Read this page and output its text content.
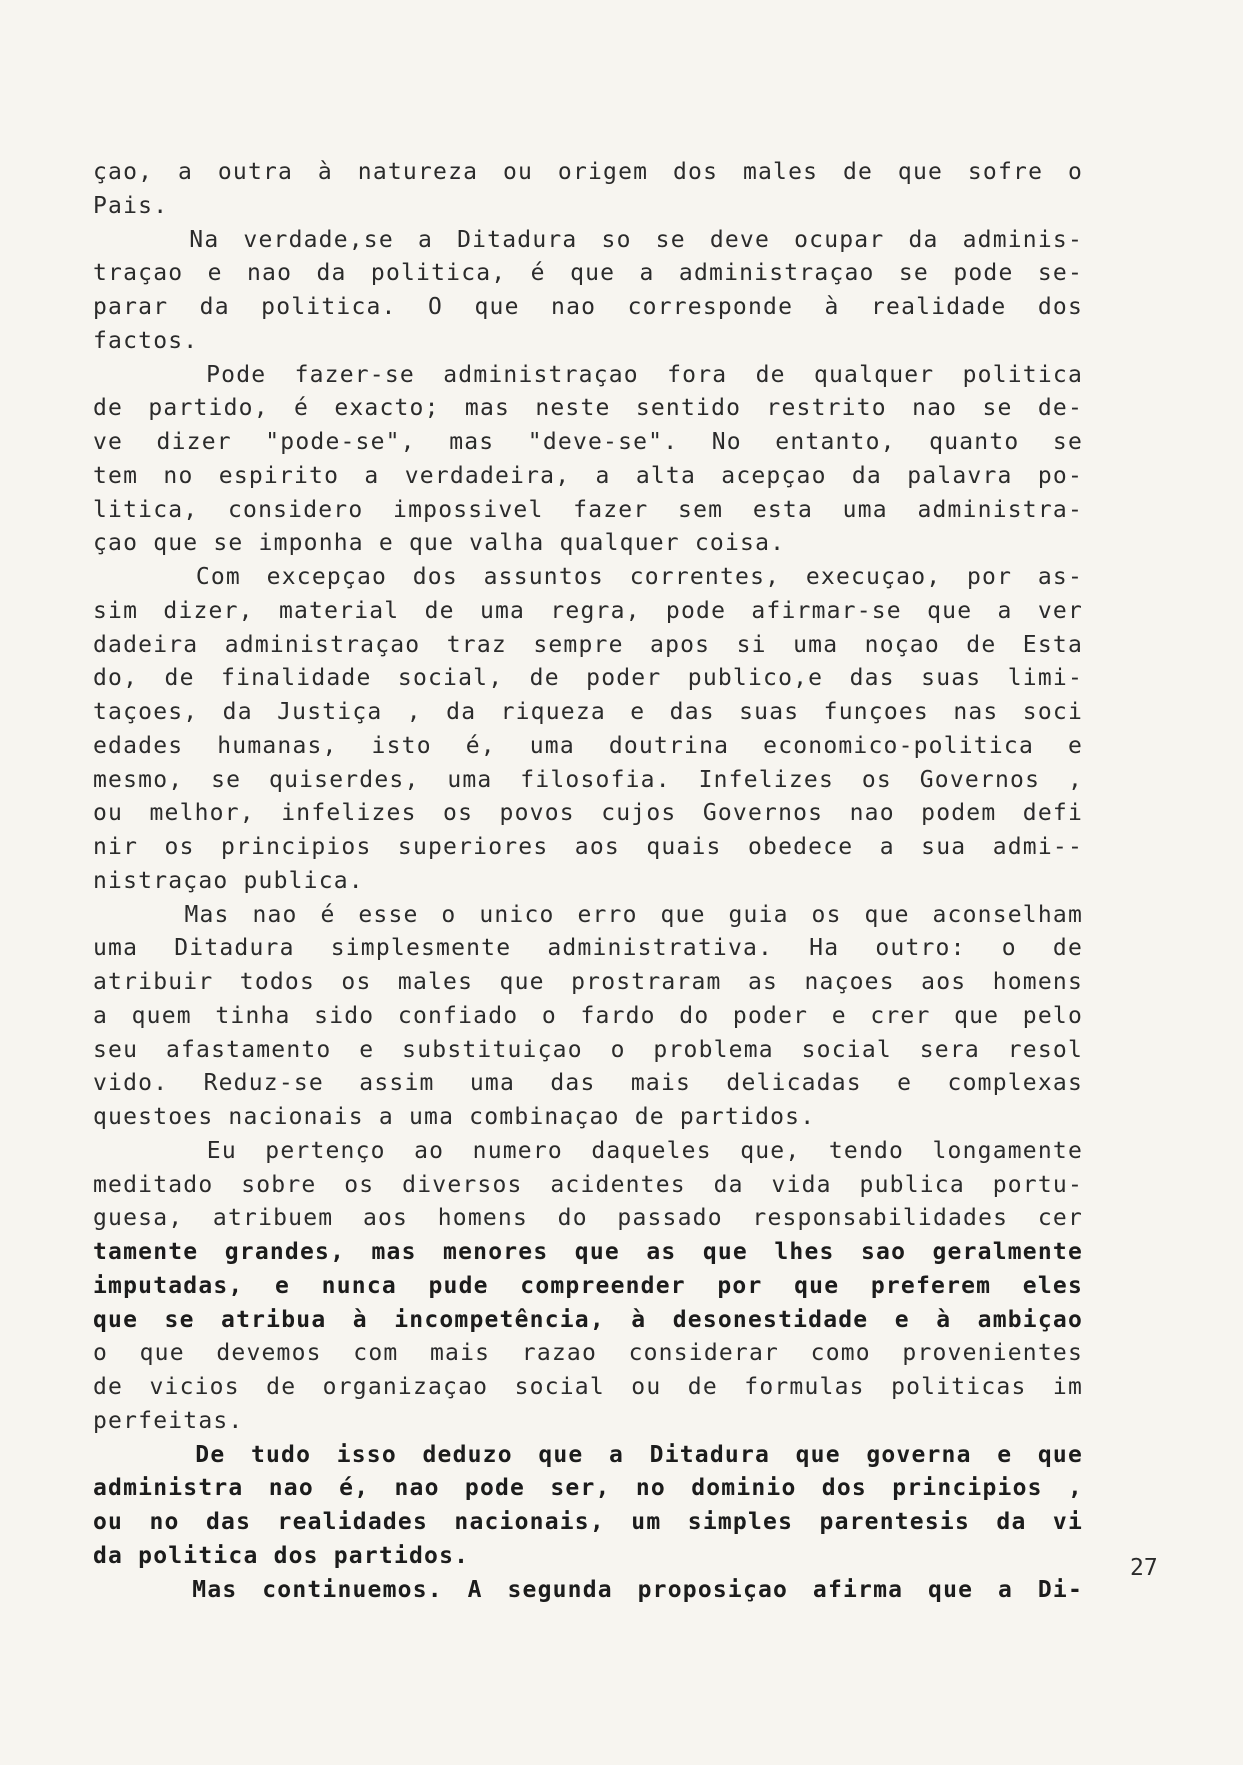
çao, a outra à natureza ou origem dos males de que sofre o
Pais.
Na verdade,se a Ditadura so se deve ocupar da adminis-
traçao e nao da politica, é que a administraçao se pode se-
parar da politica. O que nao corresponde à realidade dos
factos.
Pode fazer-se administraçao fora de qualquer politica
de partido, é exacto; mas neste sentido restrito nao se de-
ve dizer "pode-se", mas "deve-se". No entanto, quanto se
tem no espirito a verdadeira, a alta acepçao da palavra po-
litica, considero impossivel fazer sem esta uma administra-
çao que se imponha e que valha qualquer coisa.
Com excepçao dos assuntos correntes, execuçao, por as-
sim dizer, material de uma regra, pode afirmar-se que a ver
dadeira administraçao traz sempre apos si uma noçao de Esta
do, de finalidade social, de poder publico,e das suas limi-
taçoes, da Justiça , da riqueza e das suas funçoes nas soci
edades humanas, isto é, uma doutrina economico-politica e
mesmo, se quiserdes, uma filosofia. Infelizes os Governos ,
ou melhor, infelizes os povos cujos Governos nao podem defi
nir os principios superiores aos quais obedece a sua admi--
nistraçao publica.
Mas nao é esse o unico erro que guia os que aconselham
uma Ditadura simplesmente administrativa. Ha outro: o de
atribuir todos os males que prostraram as naçoes aos homens
a quem tinha sido confiado o fardo do poder e crer que pelo
seu afastamento e substituiçao o problema social sera resol
vido. Reduz-se assim uma das mais delicadas e complexas
questoes nacionais a uma combinaçao de partidos.
Eu pertenço ao numero daqueles que, tendo longamente
meditado sobre os diversos acidentes da vida publica portu-
guesa, atribuem aos homens do passado responsabilidades cer
tamente grandes, mas menores que as que lhes sao geralmente
imputadas, e nunca pude compreender por que preferem eles
que se atribua à incompetência, à desonestidade e à ambiçao
o que devemos com mais razao considerar como provenientes
de vicios de organizaçao social ou de formulas politicas im
perfeitas.
De tudo isso deduzo que a Ditadura que governa e que
administra nao é, nao pode ser, no dominio dos principios ,
ou no das realidades nacionais, um simples parentesis da vi
da politica dos partidos.
Mas continuemos. A segunda proposiçao afirma que a Di-
27
